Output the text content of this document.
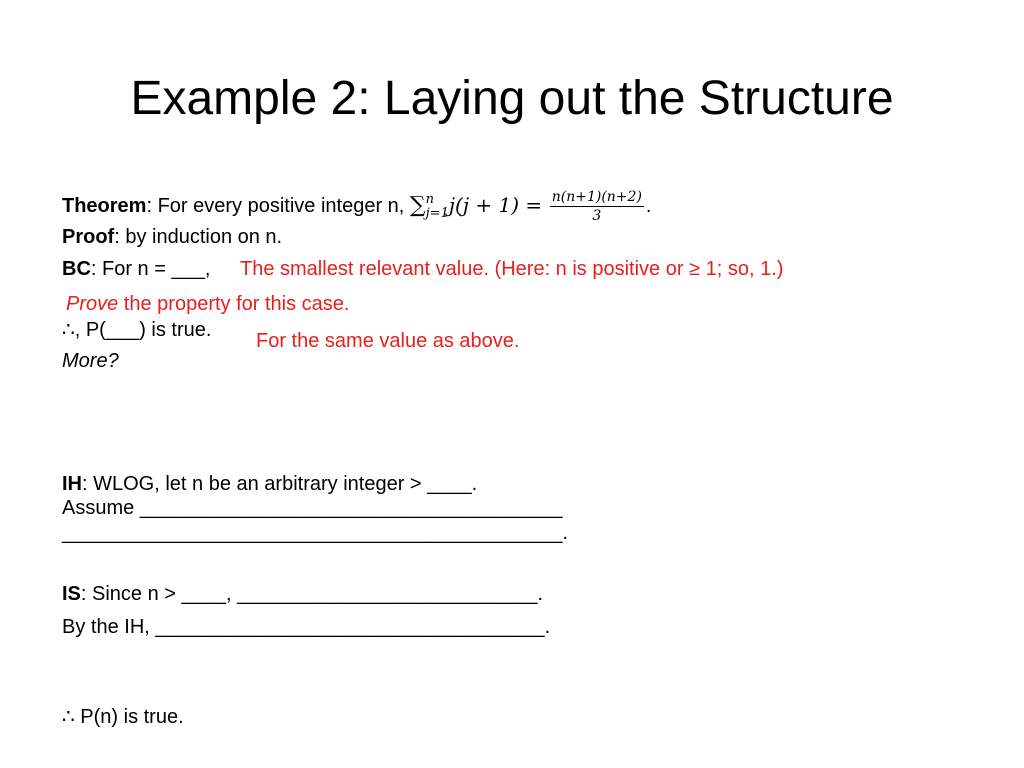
Example 2: Laying out the Structure
Theorem: For every positive integer n, ∑ n
j=1 $j(j + 1) = \frac{n(n+1)(n+2)}{3}$ .
Proof: by induction on n.
BC: For n = ___, The smallest relevant value. (Here: n is positive or ≥ 1; so, 1.)
Prove the property for this case.
∴, P(___) is true. For the same value as above.
More?
IH: WLOG, let n be an arbitrary integer > ____.
Assume ______________________________________
_____________________________________________.
IS: Since n > ____, ___________________________.
By the IH, ___________________________________.
∴ P(n) is true.
